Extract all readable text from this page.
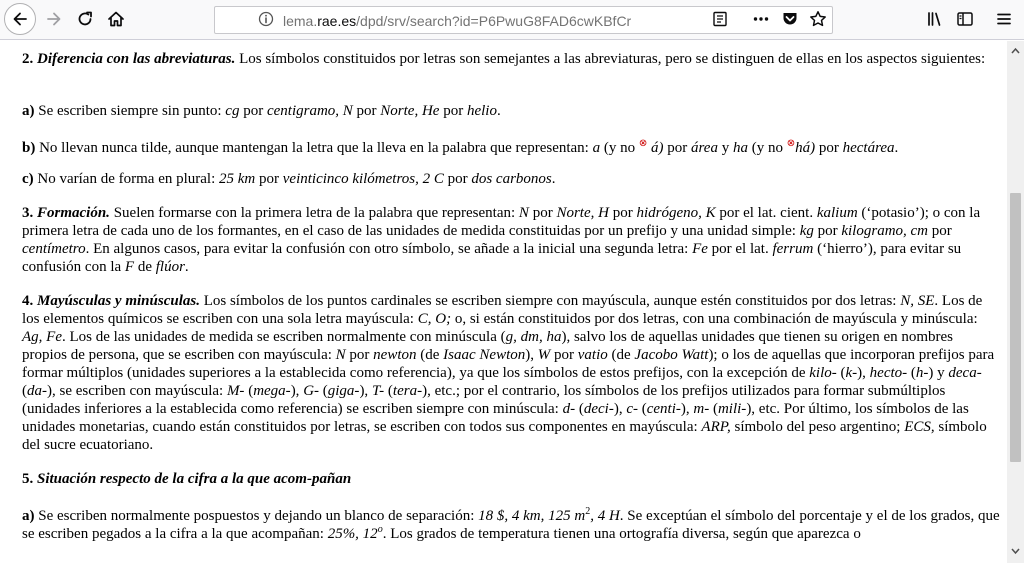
lema.rae.es/dpd/srv/search?id=P6PwuG8FAD6cwKBfCr

2. Diferencia con las abreviaturas. Los símbolos constituidos por letras son semejantes a las abreviaturas, pero se distinguen de ellas en los aspectos siguientes:

a) Se escriben siempre sin punto: cg por centigramo, N por Norte, He por helio.

b) No llevan nunca tilde, aunque mantengan la letra que la lleva en la palabra que representan: a (y no ⊗ á) por área y ha (y no ⊗há) por hectárea.

c) No varían de forma en plural: 25 km por veinticinco kilómetros, 2 C por dos carbonos.

3. Formación. Suelen formarse con la primera letra de la palabra que representan: N por Norte, H por hidrógeno, K por el lat. cient. kalium (‘potasio’); o con la primera letra de cada uno de los formantes, en el caso de las unidades de medida constituidas por un prefijo y una unidad simple: kg por kilogramo, cm por centímetro. En algunos casos, para evitar la confusión con otro símbolo, se añade a la inicial una segunda letra: Fe por el lat. ferrum (‘hierro’), para evitar su confusión con la F de flúor.

4. Mayúsculas y minúsculas. Los símbolos de los puntos cardinales se escriben siempre con mayúscula, aunque estén constituidos por dos letras: N, SE. Los de los elementos químicos se escriben con una sola letra mayúscula: C, O; o, si están constituidos por dos letras, con una combinación de mayúscula y minúscula: Ag, Fe. Los de las unidades de medida se escriben normalmente con minúscula (g, dm, ha), salvo los de aquellas unidades que tienen su origen en nombres propios de persona, que se escriben con mayúscula: N por newton (de Isaac Newton), W por vatio (de Jacobo Watt); o los de aquellas que incorporan prefijos para formar múltiplos (unidades superiores a la establecida como referencia), ya que los símbolos de estos prefijos, con la excepción de kilo- (k-), hecto- (h-) y deca- (da-), se escriben con mayúscula: M- (mega-), G- (giga-), T- (tera-), etc.; por el contrario, los símbolos de los prefijos utilizados para formar submúltiplos (unidades inferiores a la establecida como referencia) se escriben siempre con minúscula: d- (deci-), c- (centi-), m- (mili-), etc. Por último, los símbolos de las unidades monetarias, cuando están constituidos por letras, se escriben con todos sus componentes en mayúscula: ARP, símbolo del peso argentino; ECS, símbolo del sucre ecuatoriano.

5. Situación respecto de la cifra a la que acom-pañan

a) Se escriben normalmente pospuestos y dejando un blanco de separación: 18 $, 4 km, 125 $m^2$, 4 H. Se exceptúan el símbolo del porcentaje y el de los grados, que se escriben pegados a la cifra a la que acompañan: 25%, 12$^o$. Los grados de temperatura tienen una ortografía diversa, según que aparezca o
